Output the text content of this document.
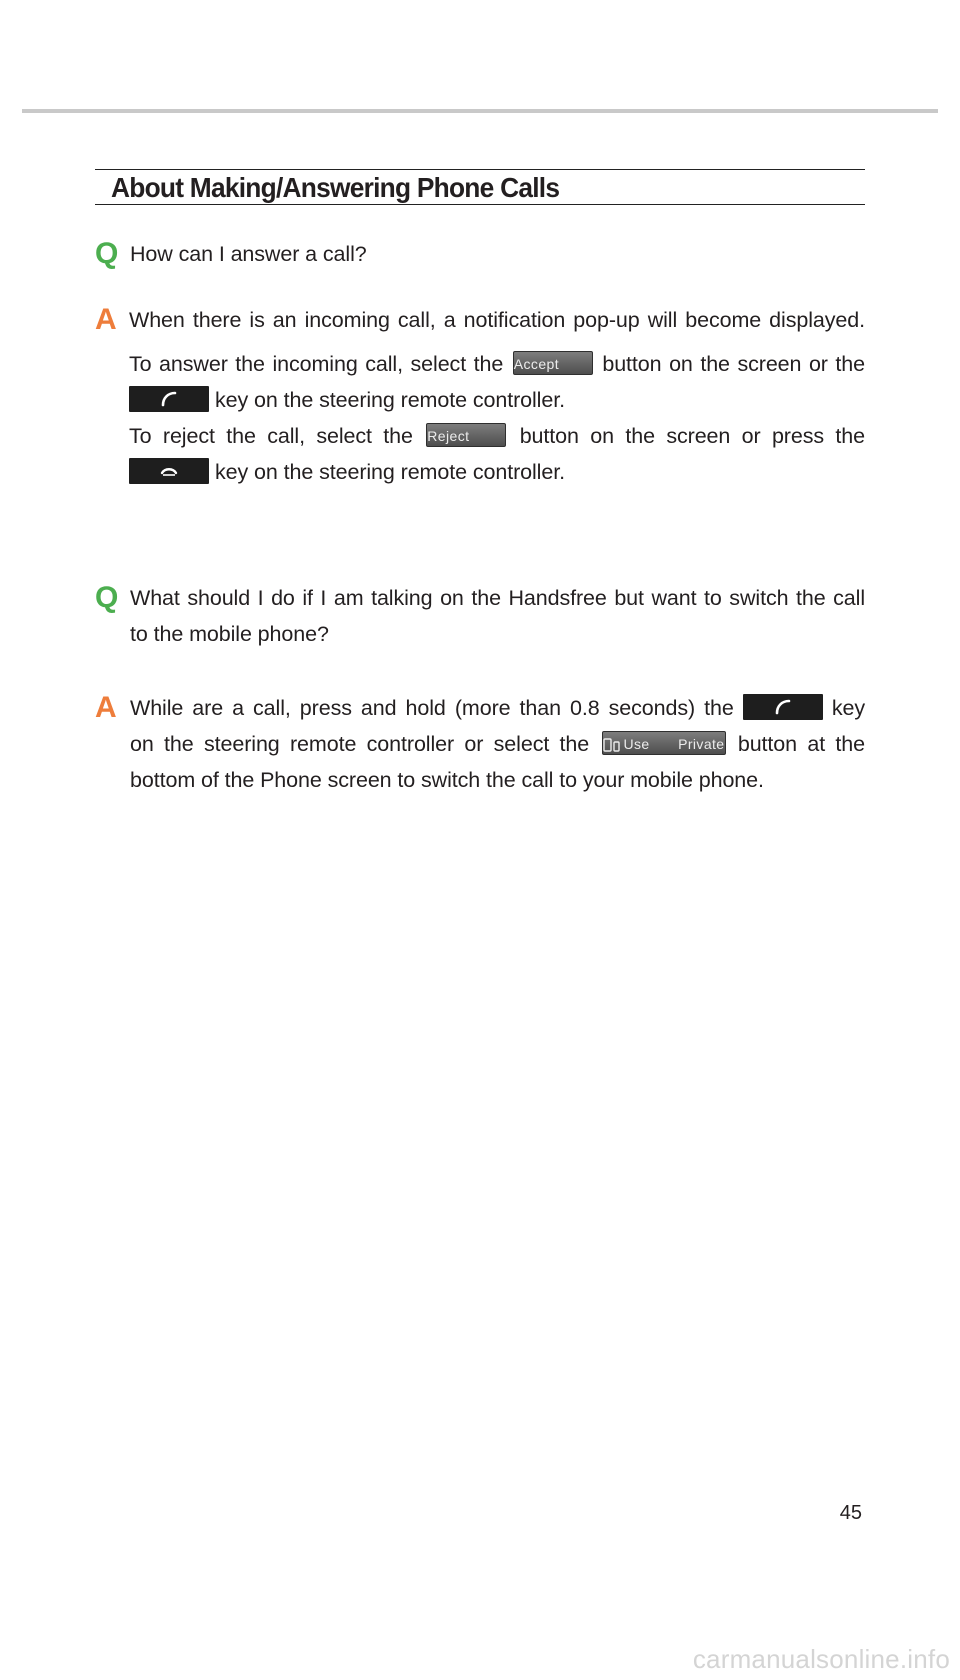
About Making/Answering Phone Calls
Q How can I answer a call?
A When there is an incoming call, a notification pop-up will become displayed.
To answer the incoming call, select the Accept button on the screen or the
key on the steering remote controller.
To reject the call, select the Reject button on the screen or press the
key on the steering remote controller.
Q What should I do if I am talking on the Handsfree but want to switch the call
to the mobile phone?
A While are a call, press and hold (more than 0.8 seconds) the	key
on the steering remote controller or select the Use Private button at the
bottom of the Phone screen to switch the call to your mobile phone.
45
carmanualsonline.info
